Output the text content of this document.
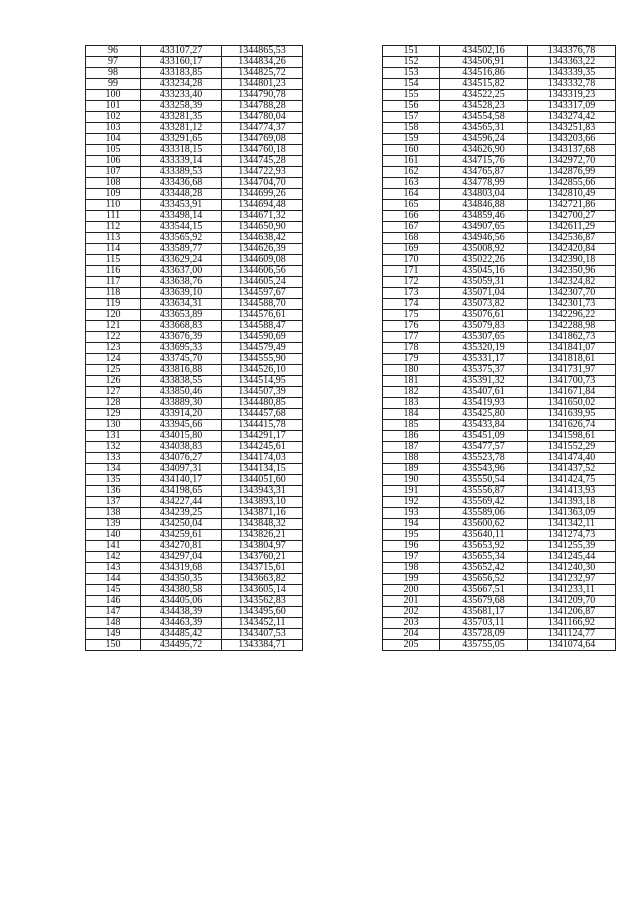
96	433107,27	1344865,53
97	433160,17	1344834,26
98	433183,85	1344825,72
99	433234,28	1344801,23
100	433233,40	1344790,78
101	433258,39	1344788,28
102	433281,35	1344780,04
103	433281,12	1344774,37
104	433291,65	1344769,08
105	433318,15	1344760,18
106	433339,14	1344745,28
107	433389,53	1344722,93
108	433436,68	1344704,70
109	433448,28	1344699,26
110	433453,91	1344694,48
111	433498,14	1344671,32
112	433544,15	1344650,90
113	433565,92	1344638,42
114	433589,77	1344626,39
115	433629,24	1344609,08
116	433637,00	1344606,56
117	433638,76	1344605,24
118	433639,10	1344597,67
119	433634,31	1344588,70
120	433653,89	1344576,61
121	433668,83	1344588,47
122	433676,39	1344590,69
123	433695,33	1344579,49
124	433745,70	1344555,90
125	433816,88	1344526,10
126	433838,55	1344514,95
127	433850,46	1344507,39
128	433889,30	1344480,85
129	433914,20	1344457,68
130	433945,66	1344415,78
131	434015,80	1344291,17
132	434038,83	1344245,61
133	434076,27	1344174,03
134	434097,31	1344134,15
135	434140,17	1344051,60
136	434198,65	1343943,31
137	434227,44	1343893,10
138	434239,25	1343871,16
139	434250,04	1343848,32
140	434259,61	1343826,21
141	434270,81	1343804,97
142	434297,04	1343760,21
143	434319,68	1343715,61
144	434350,35	1343663,82
145	434380,58	1343605,14
146	434405,06	1343562,83
147	434438,39	1343495,60
148	434463,39	1343452,11
149	434485,42	1343407,53
150	434495,72	1343384,71
151	434502,16	1343376,78
152	434506,91	1343363,22
153	434516,86	1343339,35
154	434515,82	1343332,78
155	434522,25	1343319,23
156	434528,23	1343317,09
157	434554,58	1343274,42
158	434565,31	1343251,83
159	434596,24	1343203,66
160	434626,90	1343137,68
161	434715,76	1342972,70
162	434765,87	1342876,99
163	434778,99	1342855,66
164	434803,04	1342810,49
165	434846,88	1342721,86
166	434859,46	1342700,27
167	434907,65	1342611,29
168	434946,56	1342536,87
169	435008,92	1342420,84
170	435022,26	1342390,18
171	435045,16	1342350,96
172	435059,31	1342324,82
173	435071,04	1342307,70
174	435073,82	1342301,73
175	435076,61	1342296,22
176	435079,83	1342288,98
177	435307,65	1341862,73
178	435320,19	1341841,07
179	435331,17	1341818,61
180	435375,37	1341731,97
181	435391,32	1341700,73
182	435407,61	1341671,84
183	435419,93	1341650,02
184	435425,80	1341639,95
185	435433,84	1341626,74
186	435451,09	1341598,61
187	435477,57	1341552,29
188	435523,78	1341474,40
189	435543,96	1341437,52
190	435550,54	1341424,75
191	435556,87	1341413,93
192	435569,42	1341393,18
193	435589,06	1341363,09
194	435600,62	1341342,11
195	435640,11	1341274,73
196	435653,92	1341255,39
197	435655,34	1341245,44
198	435652,42	1341240,30
199	435656,52	1341232,97
200	435667,51	1341233,11
201	435679,68	1341209,70
202	435681,17	1341206,87
203	435703,11	1341166,92
204	435728,09	1341124,77
205	435755,05	1341074,64
